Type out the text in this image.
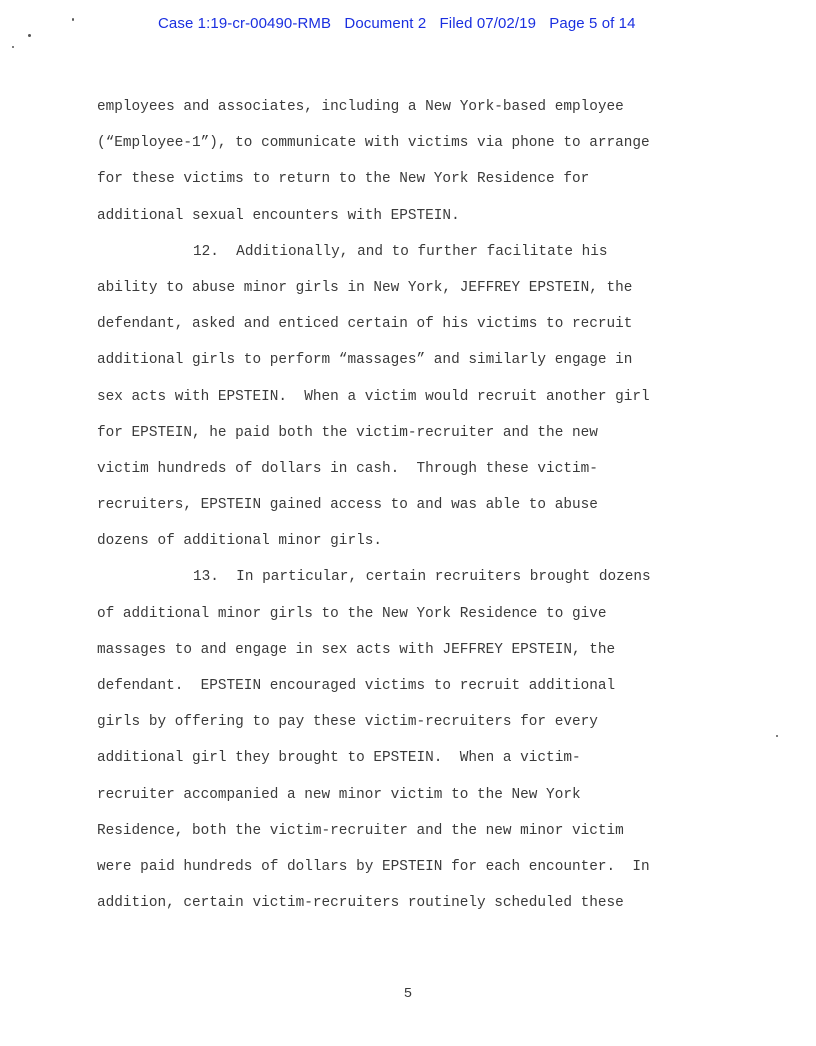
Case 1:19-cr-00490-RMB Document 2 Filed 07/02/19 Page 5 of 14
employees and associates, including a New York-based employee
(“Employee-1”), to communicate with victims via phone to arrange
for these victims to return to the New York Residence for
additional sexual encounters with EPSTEIN.
12.  Additionally, and to further facilitate his
ability to abuse minor girls in New York, JEFFREY EPSTEIN, the
defendant, asked and enticed certain of his victims to recruit
additional girls to perform “massages” and similarly engage in
sex acts with EPSTEIN.  When a victim would recruit another girl
for EPSTEIN, he paid both the victim-recruiter and the new
victim hundreds of dollars in cash.  Through these victim-
recruiters, EPSTEIN gained access to and was able to abuse
dozens of additional minor girls.
13.  In particular, certain recruiters brought dozens
of additional minor girls to the New York Residence to give
massages to and engage in sex acts with JEFFREY EPSTEIN, the
defendant.  EPSTEIN encouraged victims to recruit additional
girls by offering to pay these victim-recruiters for every
additional girl they brought to EPSTEIN.  When a victim-
recruiter accompanied a new minor victim to the New York
Residence, both the victim-recruiter and the new minor victim
were paid hundreds of dollars by EPSTEIN for each encounter.  In
addition, certain victim-recruiters routinely scheduled these
5
